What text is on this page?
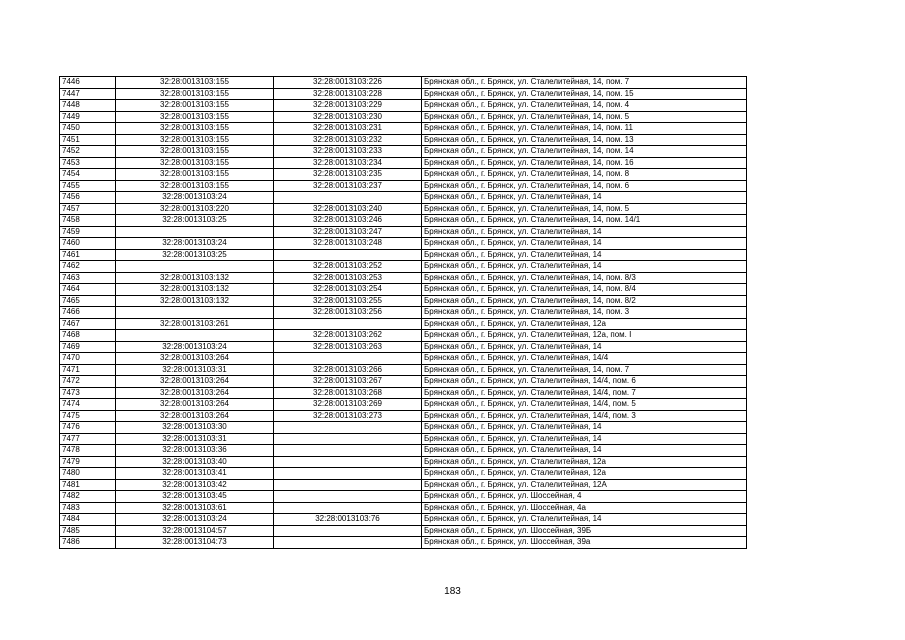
7446	32:28:0013103:155	32:28:0013103:226	Брянская обл., г. Брянск, ул. Сталелитейная, 14, пом. 7
7447	32:28:0013103:155	32:28:0013103:228	Брянская обл., г. Брянск, ул. Сталелитейная, 14, пом. 15
7448	32:28:0013103:155	32:28:0013103:229	Брянская обл., г. Брянск, ул. Сталелитейная, 14, пом. 4
7449	32:28:0013103:155	32:28:0013103:230	Брянская обл., г. Брянск, ул. Сталелитейная, 14, пом. 5
7450	32:28:0013103:155	32:28:0013103:231	Брянская обл., г. Брянск, ул. Сталелитейная, 14, пом. 11
7451	32:28:0013103:155	32:28:0013103:232	Брянская обл., г. Брянск, ул. Сталелитейная, 14, пом. 13
7452	32:28:0013103:155	32:28:0013103:233	Брянская обл., г. Брянск, ул. Сталелитейная, 14, пом. 14
7453	32:28:0013103:155	32:28:0013103:234	Брянская обл., г. Брянск, ул. Сталелитейная, 14, пом. 16
7454	32:28:0013103:155	32:28:0013103:235	Брянская обл., г. Брянск, ул. Сталелитейная, 14, пом. 8
7455	32:28:0013103:155	32:28:0013103:237	Брянская обл., г. Брянск, ул. Сталелитейная, 14, пом. 6
7456	32:28:0013103:24		Брянская обл., г. Брянск, ул. Сталелитейная, 14
7457	32:28:0013103:220	32:28:0013103:240	Брянская обл., г. Брянск, ул. Сталелитейная, 14, пом. 5
7458	32:28:0013103:25	32:28:0013103:246	Брянская обл., г. Брянск, ул. Сталелитейная, 14, пом. 14/1
7459		32:28:0013103:247	Брянская обл., г. Брянск, ул. Сталелитейная, 14
7460	32:28:0013103:24	32:28:0013103:248	Брянская обл., г. Брянск, ул. Сталелитейная, 14
7461	32:28:0013103:25		Брянская обл., г. Брянск, ул. Сталелитейная, 14
7462		32:28:0013103:252	Брянская обл., г. Брянск, ул. Сталелитейная, 14
7463	32:28:0013103:132	32:28:0013103:253	Брянская обл., г. Брянск, ул. Сталелитейная, 14, пом. 8/3
7464	32:28:0013103:132	32:28:0013103:254	Брянская обл., г. Брянск, ул. Сталелитейная, 14, пом. 8/4
7465	32:28:0013103:132	32:28:0013103:255	Брянская обл., г. Брянск, ул. Сталелитейная, 14, пом. 8/2
7466		32:28:0013103:256	Брянская обл., г. Брянск, ул. Сталелитейная, 14, пом. 3
7467	32:28:0013103:261		Брянская обл., г. Брянск, ул. Сталелитейная, 12а
7468		32:28:0013103:262	Брянская обл., г. Брянск, ул. Сталелитейная, 12а, пом. I
7469	32:28:0013103:24	32:28:0013103:263	Брянская обл., г. Брянск, ул. Сталелитейная, 14
7470	32:28:0013103:264		Брянская обл., г. Брянск, ул. Сталелитейная, 14/4
7471	32:28:0013103:31	32:28:0013103:266	Брянская обл., г. Брянск, ул. Сталелитейная, 14, пом. 7
7472	32:28:0013103:264	32:28:0013103:267	Брянская обл., г. Брянск, ул. Сталелитейная, 14/4, пом. 6
7473	32:28:0013103:264	32:28:0013103:268	Брянская обл., г. Брянск, ул. Сталелитейная, 14/4, пом. 7
7474	32:28:0013103:264	32:28:0013103:269	Брянская обл., г. Брянск, ул. Сталелитейная, 14/4, пом. 5
7475	32:28:0013103:264	32:28:0013103:273	Брянская обл., г. Брянск, ул. Сталелитейная, 14/4, пом. 3
7476	32:28:0013103:30		Брянская обл., г. Брянск, ул. Сталелитейная, 14
7477	32:28:0013103:31		Брянская обл., г. Брянск, ул. Сталелитейная, 14
7478	32:28:0013103:36		Брянская обл., г. Брянск, ул. Сталелитейная, 14
7479	32:28:0013103:40		Брянская обл., г. Брянск, ул. Сталелитейная, 12а
7480	32:28:0013103:41		Брянская обл., г. Брянск, ул. Сталелитейная, 12а
7481	32:28:0013103:42		Брянская обл., г. Брянск, ул. Сталелитейная, 12А
7482	32:28:0013103:45		Брянская обл., г. Брянск, ул. Шоссейная, 4
7483	32:28:0013103:61		Брянская обл., г. Брянск, ул. Шоссейная, 4а
7484	32:28:0013103:24	32:28:0013103:76	Брянская обл., г. Брянск, ул. Сталелитейная, 14
7485	32:28:0013104:57		Брянская обл., г. Брянск, ул. Шоссейная, 39Б
7486	32:28:0013104:73		Брянская обл., г. Брянск, ул. Шоссейная, 39а
183
